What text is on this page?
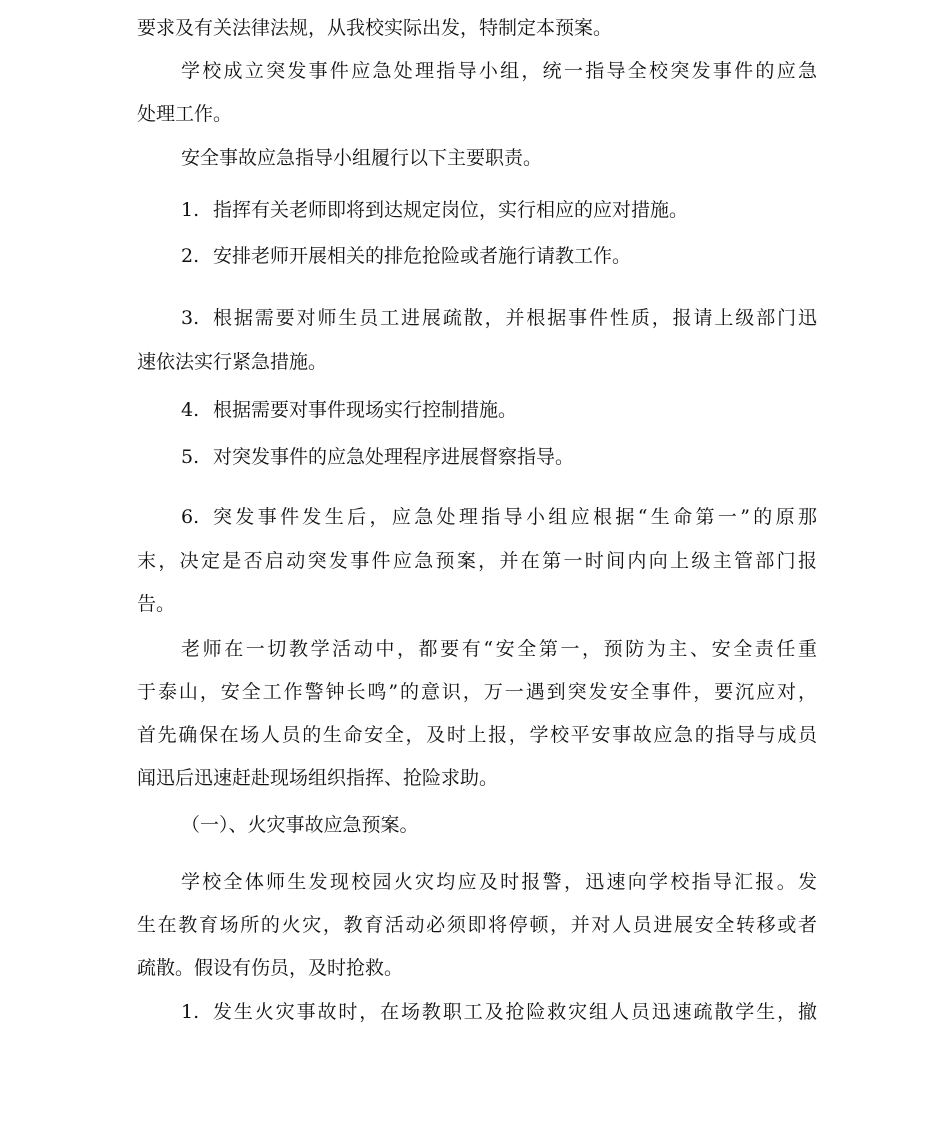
要求及有关法律法规，从我校实际出发，特制定本预案。
学校成立突发事件应急处理指导小组，统一指导全校突发事件的应急
处理工作。
安全事故应急指导小组履行以下主要职责。
1. 指挥有关老师即将到达规定岗位，实行相应的应对措施。
2. 安排老师开展相关的排危抢险或者施行请教工作。
3. 根据需要对师生员工进展疏散，并根据事件性质，报请上级部门迅
速依法实行紧急措施。
4. 根据需要对事件现场实行控制措施。
5. 对突发事件的应急处理程序进展督察指导。
6. 突发事件发生后，应急处理指导小组应根据“生命第一”的原那
末，决定是否启动突发事件应急预案，并在第一时间内向上级主管部门报
告。
老师在一切教学活动中，都要有“安全第一，预防为主、安全责任重
于泰山，安全工作警钟长鸣”的意识，万一遇到突发安全事件，要沉应对，
首先确保在场人员的生命安全，及时上报，学校平安事故应急的指导与成员
闻迅后迅速赶赴现场组织指挥、抢险求助。
（一）、火灾事故应急预案。
学校全体师生发现校园火灾均应及时报警，迅速向学校指导汇报。发
生在教育场所的火灾，教育活动必须即将停顿，并对人员进展安全转移或者
疏散。假设有伤员，及时抢救。
1. 发生火灾事故时，在场教职工及抢险救灾组人员迅速疏散学生，撤
